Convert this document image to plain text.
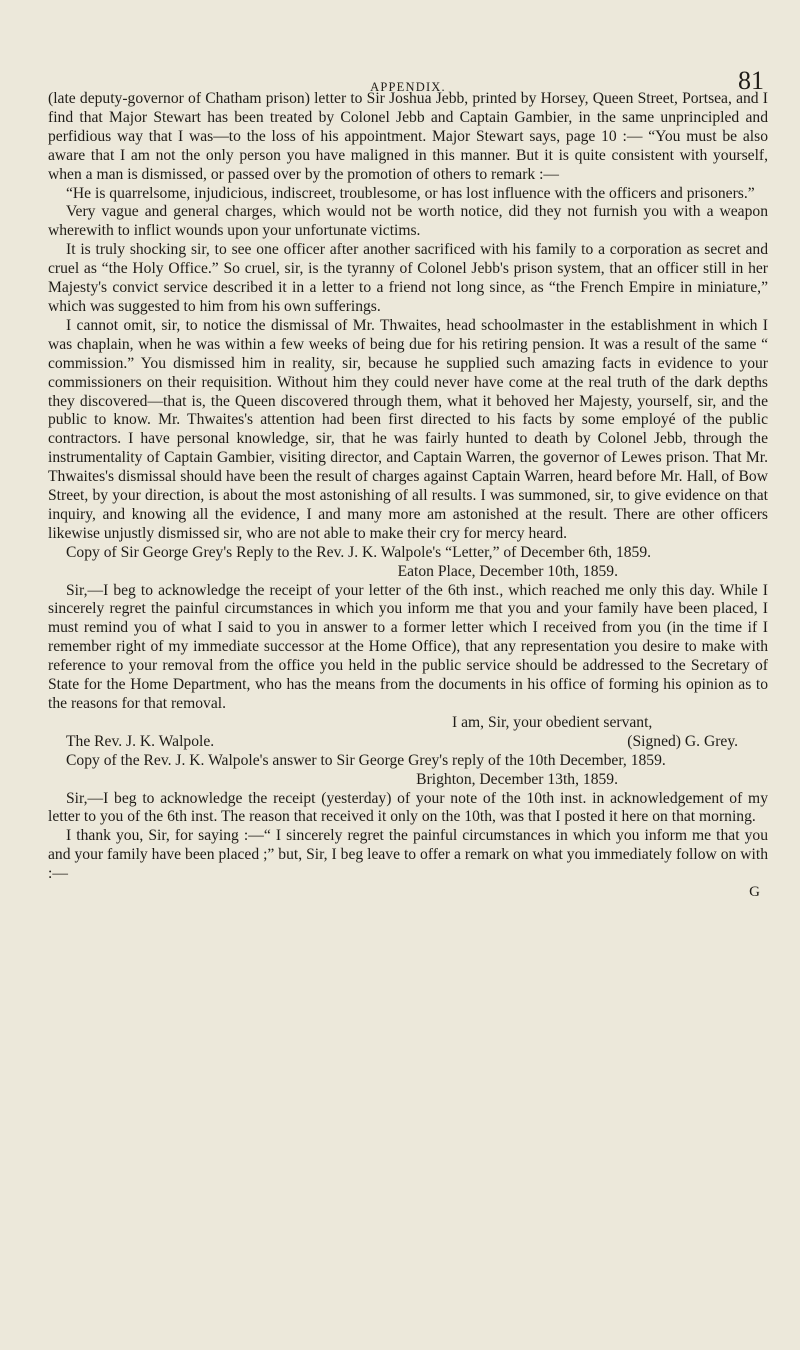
APPENDIX.	81

(late deputy-governor of Chatham prison) letter to Sir Joshua Jebb, printed by Horsey, Queen Street, Portsea, and I find that Major Stewart has been treated by Colonel Jebb and Captain Gambier, in the same unprincipled and perfidious way that I was—to the loss of his appointment. Major Stewart says, page 10 :— “You must be also aware that I am not the only person you have maligned in this manner. But it is quite consistent with yourself, when a man is dismissed, or passed over by the promotion of others to remark :—

“He is quarrelsome, injudicious, indiscreet, troublesome, or has lost influence with the officers and prisoners.”

Very vague and general charges, which would not be worth notice, did they not furnish you with a weapon wherewith to inflict wounds upon your unfortunate victims.

It is truly shocking sir, to see one officer after another sacrificed with his family to a corporation as secret and cruel as “the Holy Office.” So cruel, sir, is the tyranny of Colonel Jebb's prison system, that an officer still in her Majesty's convict service described it in a letter to a friend not long since, as “the French Empire in miniature,” which was suggested to him from his own sufferings.

I cannot omit, sir, to notice the dismissal of Mr. Thwaites, head schoolmaster in the establishment in which I was chaplain, when he was within a few weeks of being due for his retiring pension. It was a result of the same “ commission.” You dismissed him in reality, sir, because he supplied such amazing facts in evidence to your commissioners on their requisition. Without him they could never have come at the real truth of the dark depths they discovered—that is, the Queen discovered through them, what it behoved her Majesty, yourself, sir, and the public to know. Mr. Thwaites's attention had been first directed to his facts by some employé of the public contractors. I have personal knowledge, sir, that he was fairly hunted to death by Colonel Jebb, through the instrumentality of Captain Gambier, visiting director, and Captain Warren, the governor of Lewes prison. That Mr. Thwaites's dismissal should have been the result of charges against Captain Warren, heard before Mr. Hall, of Bow Street, by your direction, is about the most astonishing of all results. I was summoned, sir, to give evidence on that inquiry, and knowing all the evidence, I and many more am astonished at the result. There are other officers likewise unjustly dismissed sir, who are not able to make their cry for mercy heard.

Copy of Sir George Grey's Reply to the Rev. J. K. Walpole's “Letter,” of December 6th, 1859.

Eaton Place, December 10th, 1859.

Sir,—I beg to acknowledge the receipt of your letter of the 6th inst., which reached me only this day. While I sincerely regret the painful circumstances in which you inform me that you and your family have been placed, I must remind you of what I said to you in answer to a former letter which I received from you (in the time if I remember right of my immediate successor at the Home Office), that any representation you desire to make with reference to your removal from the office you held in the public service should be addressed to the Secretary of State for the Home Department, who has the means from the documents in his office of forming his opinion as to the reasons for that removal.

I am, Sir, your obedient servant,

The Rev. J. K. Walpole.	(Signed) G. Grey.

Copy of the Rev. J. K. Walpole's answer to Sir George Grey's reply of the 10th December, 1859.

Brighton, December 13th, 1859.

Sir,—I beg to acknowledge the receipt (yesterday) of your note of the 10th inst. in acknowledgement of my letter to you of the 6th inst. The reason that received it only on the 10th, was that I posted it here on that morning.

I thank you, Sir, for saying :—“ I sincerely regret the painful circumstances in which you inform me that you and your family have been placed ;” but, Sir, I beg leave to offer a remark on what you immediately follow on with :—

G
